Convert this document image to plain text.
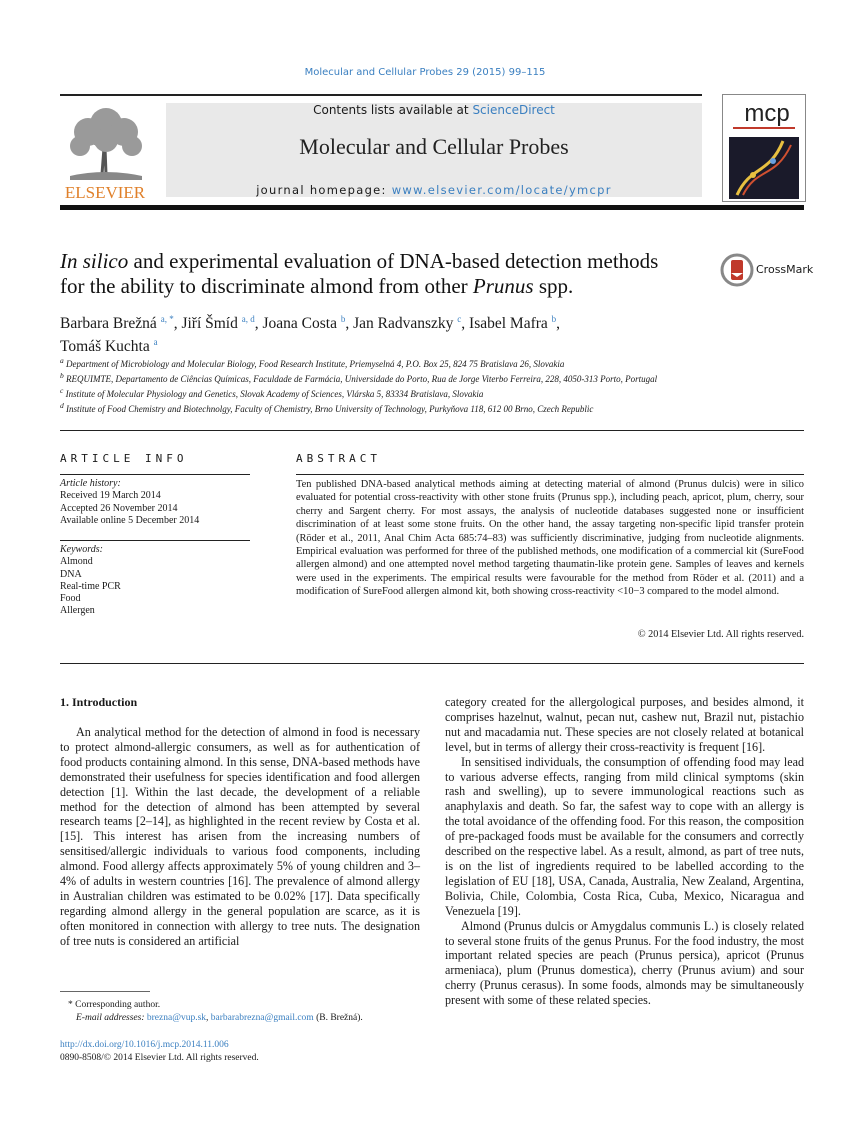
Molecular and Cellular Probes 29 (2015) 99–115
ELSEVIER
Contents lists available at ScienceDirect
Molecular and Cellular Probes
journal homepage: www.elsevier.com/locate/ymcpr
mcp
In silico and experimental evaluation of DNA-based detection methods
for the ability to discriminate almond from other Prunus spp.
CrossMark
Barbara Brežná $^{a, *}$, Jiří Šmíd $^{a, d}$, Joana Costa $^b$, Jan Radvanszky $^c$, Isabel Mafra $^b$,
Tomáš Kuchta $^a$

$^a$ Department of Microbiology and Molecular Biology, Food Research Institute, Priemyselná 4, P.O. Box 25, 824 75 Bratislava 26, Slovakia

$^b$ REQUIMTE, Departamento de Ciências Químicas, Faculdade de Farmácia, Universidade do Porto, Rua de Jorge Viterbo Ferreira, 228, 4050-313 Porto, Portugal

$^c$ Institute of Molecular Physiology and Genetics, Slovak Academy of Sciences, Vlárska 5, 83334 Bratislava, Slovakia

$^d$ Institute of Food Chemistry and Biotechnolgy, Faculty of Chemistry, Brno University of Technology, Purkyňova 118, 612 00 Brno, Czech Republic

ARTICLE INFO
Article history:
Received 19 March 2014
Accepted 26 November 2014
Available online 5 December 2014
Keywords:
Almond
DNA
Real-time PCR
Food
Allergen
ABSTRACT
Ten published DNA-based analytical methods aiming at detecting material of almond (Prunus dulcis) were in silico evaluated for potential cross-reactivity with other stone fruits (Prunus spp.), including peach, apricot, plum, cherry, sour cherry and Sargent cherry. For most assays, the analysis of nucleotide databases suggested none or insufficient discrimination of at least some stone fruits. On the other hand, the assay targeting non-specific lipid transfer protein (Röder et al., 2011, Anal Chim Acta 685:74–83) was sufficiently discriminative, judging from nucleotide alignments. Empirical evaluation was performed for three of the published methods, one modification of a commercial kit (SureFood allergen almond) and one attempted novel method targeting thaumatin-like protein gene. Samples of leaves and kernels were used in the experiments. The empirical results were favourable for the method from Röder et al. (2011) and a modification of SureFood allergen almond kit, both showing cross-reactivity <10−3 compared to the model almond.
© 2014 Elsevier Ltd. All rights reserved.
1. Introduction

An analytical method for the detection of almond in food is necessary to protect almond-allergic consumers, as well as for authentication of food products containing almond. In this sense, DNA-based methods have demonstrated their usefulness for species identification and food allergen detection [1]. Within the last decade, the development of a reliable method for the detection of almond has been attempted by several research teams [2–14], as highlighted in the recent review by Costa et al. [15]. This interest has arisen from the increasing numbers of sensitised/allergic individuals to various food components, including almond. Food allergy affects approximately 5% of young children and 3–4% of adults in western countries [16]. The prevalence of almond allergy in Australian children was estimated to be 0.02% [17]. Data specifically regarding almond allergy in the general population are scarce, as it is often monitored in connection with allergy to tree nuts. The designation of tree nuts is considered an artificial

category created for the allergological purposes, and besides almond, it comprises hazelnut, walnut, pecan nut, cashew nut, Brazil nut, pistachio nut and macadamia nut. These species are not closely related at botanical level, but in terms of allergy their cross-reactivity is frequent [16].

In sensitised individuals, the consumption of offending food may lead to various adverse effects, ranging from mild clinical symptoms (skin rash and swelling), up to severe immunological reactions such as anaphylaxis and death. So far, the safest way to cope with an allergy is the total avoidance of the offending food. For this reason, the composition of pre-packaged foods must be available for the consumers and correctly described on the respective label. As a result, almond, as part of tree nuts, is on the list of ingredients required to be labelled according to the legislation of EU [18], USA, Canada, Australia, New Zealand, Argentina, Bolivia, Chile, Colombia, Costa Rica, Cuba, Mexico, Nicaragua and Venezuela [19].

Almond (Prunus dulcis or Amygdalus communis L.) is closely related to several stone fruits of the genus Prunus. For the food industry, the most important related species are peach (Prunus persica), apricot (Prunus armeniaca), plum (Prunus domestica), cherry (Prunus avium) and sour cherry (Prunus cerasus). In some foods, almonds may be simultaneously present with some of these related species.

* Corresponding author.
E-mail addresses: brezna@vup.sk, barbarabrezna@gmail.com (B. Brežná).
http://dx.doi.org/10.1016/j.mcp.2014.11.006
0890-8508/© 2014 Elsevier Ltd. All rights reserved.
